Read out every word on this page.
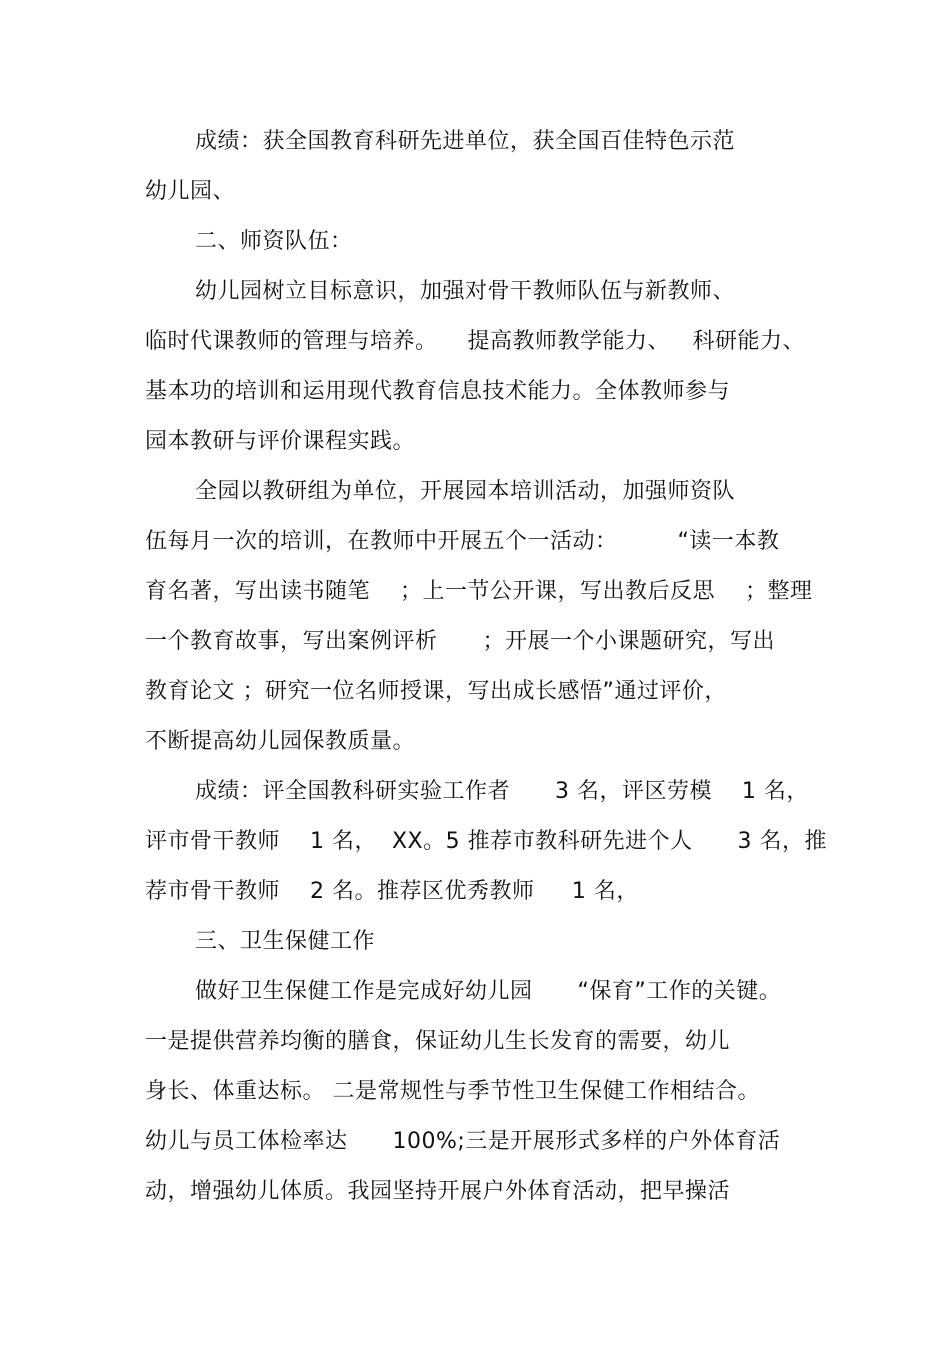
成绩：获全国教育科研先进单位，获全国百佳特色示范
幼儿园、
二、师资队伍：
幼儿园树立目标意识，加强对骨干教师队伍与新教师、
临时代课教师的管理与培养。    提高教师教学能力、   科研能力、
基本功的培训和运用现代教育信息技术能力。全体教师参与
园本教研与评价课程实践。
全园以教研组为单位，开展园本培训活动，加强师资队
伍每月一次的培训，在教师中开展五个一活动：        “读一本教
育名著，写出读书随笔    ；上一节公开课，写出教后反思    ；整理
一个教育故事，写出案例评析      ；开展一个小课题研究，写出
教育论文 ；研究一位名师授课，写出成长感悟”通过评价，
不断提高幼儿园保教质量。
成绩：评全国教科研实验工作者      3 名，评区劳模    1 名，
评市骨干教师    1 名，  XX。5 推荐市教科研先进个人      3 名，推
荐市骨干教师    2 名。推荐区优秀教师     1 名，
三、卫生保健工作
做好卫生保健工作是完成好幼儿园      “保育”工作的关键。
一是提供营养均衡的膳食，保证幼儿生长发育的需要，幼儿
身长、体重达标。 二是常规性与季节性卫生保健工作相结合。
幼儿与员工体检率达      100%;三是开展形式多样的户外体育活
动，增强幼儿体质。我园坚持开展户外体育活动，把早操活
